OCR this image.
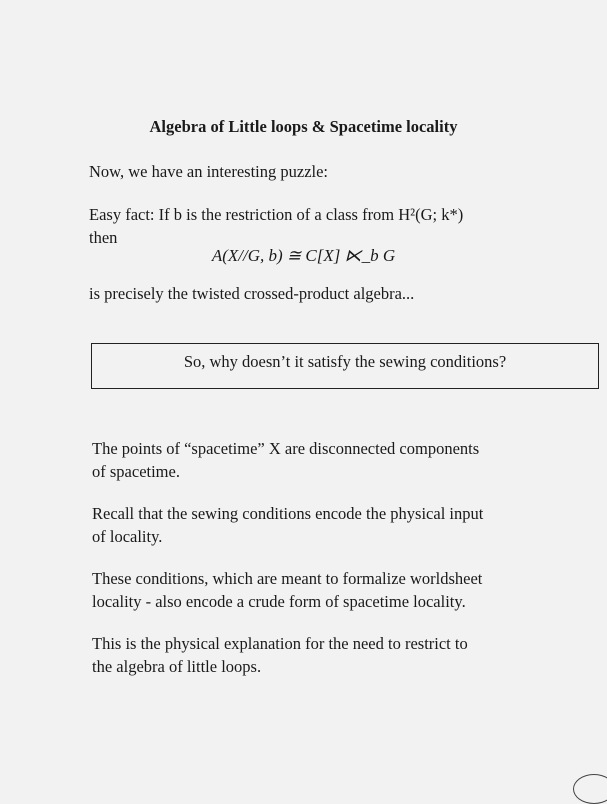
Algebra of Little loops & Spacetime locality
Now, we have an interesting puzzle:
Easy fact: If b is the restriction of a class from H²(G; k*)
then
A(X//G, b) ≅ C[X] ⋉_b G
is precisely the twisted crossed-product algebra...
So, why doesn’t it satisfy the sewing conditions?
The points of “spacetime” X are disconnected components
of spacetime.
Recall that the sewing conditions encode the physical input
of locality.
These conditions, which are meant to formalize worldsheet
locality - also encode a crude form of spacetime locality.
This is the physical explanation for the need to restrict to
the algebra of little loops.
